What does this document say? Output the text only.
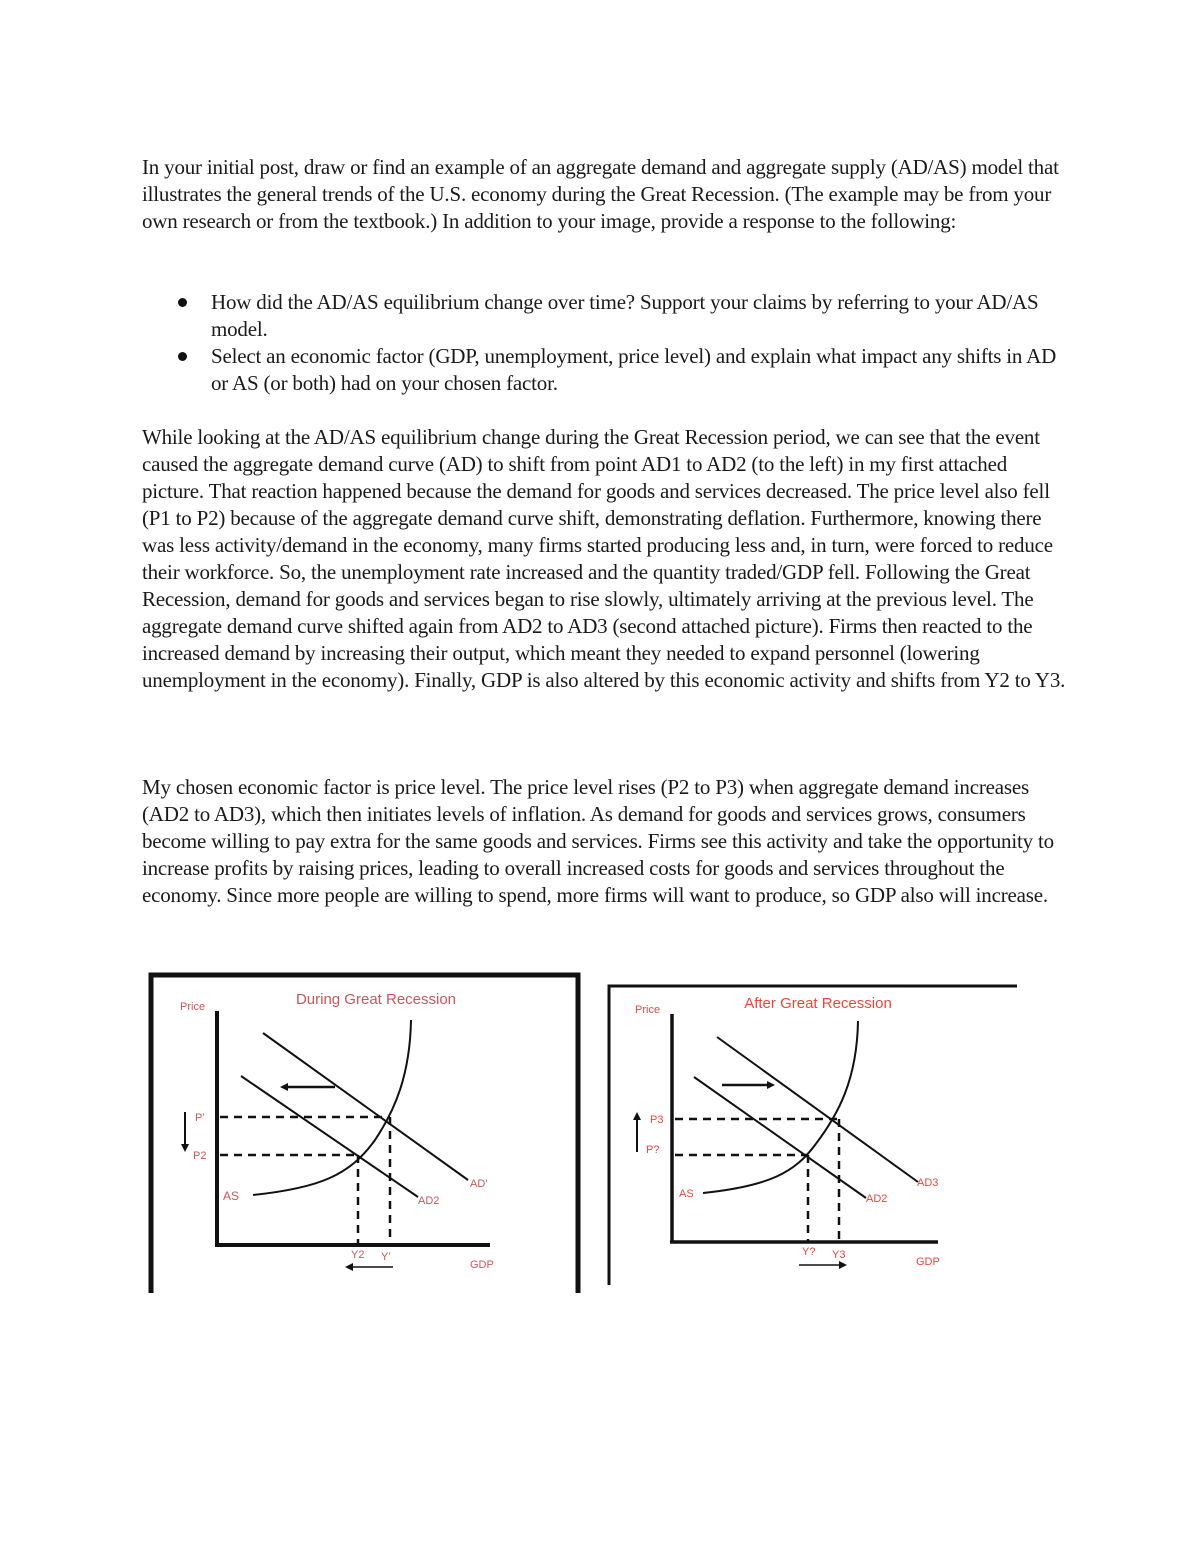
In your initial post, draw or find an example of an aggregate demand and aggregate supply (AD/AS) model that illustrates the general trends of the U.S. economy during the Great Recession. (The example may be from your own research or from the textbook.) In addition to your image, provide a response to the following:

How did the AD/AS equilibrium change over time? Support your claims by referring to your AD/AS model.

Select an economic factor (GDP, unemployment, price level) and explain what impact any shifts in AD or AS (or both) had on your chosen factor.

While looking at the AD/AS equilibrium change during the Great Recession period, we can see that the event caused the aggregate demand curve (AD) to shift from point AD1 to AD2 (to the left) in my first attached picture. That reaction happened because the demand for goods and services decreased. The price level also fell (P1 to P2) because of the aggregate demand curve shift, demonstrating deflation. Furthermore, knowing there was less activity/demand in the economy, many firms started producing less and, in turn, were forced to reduce their workforce. So, the unemployment rate increased and the quantity traded/GDP fell. Following the Great Recession, demand for goods and services began to rise slowly, ultimately arriving at the previous level. The aggregate demand curve shifted again from AD2 to AD3 (second attached picture). Firms then reacted to the increased demand by increasing their output, which meant they needed to expand personnel (lowering unemployment in the economy). Finally, GDP is also altered by this economic activity and shifts from Y2 to Y3.

My chosen economic factor is price level. The price level rises (P2 to P3) when aggregate demand increases (AD2 to AD3), which then initiates levels of inflation. As demand for goods and services grows, consumers become willing to pay extra for the same goods and services. Firms see this activity and take the opportunity to increase profits by raising prices, leading to overall increased costs for goods and services throughout the economy. Since more people are willing to spend, more firms will want to produce, so GDP also will increase.

During Great Recession
Price
P’
P2
AS
AD’
AD2
Y2 Y’
GDP
After Great Recession
Price
P3
P?
AS
AD3
AD2
Y? Y3
GDP
